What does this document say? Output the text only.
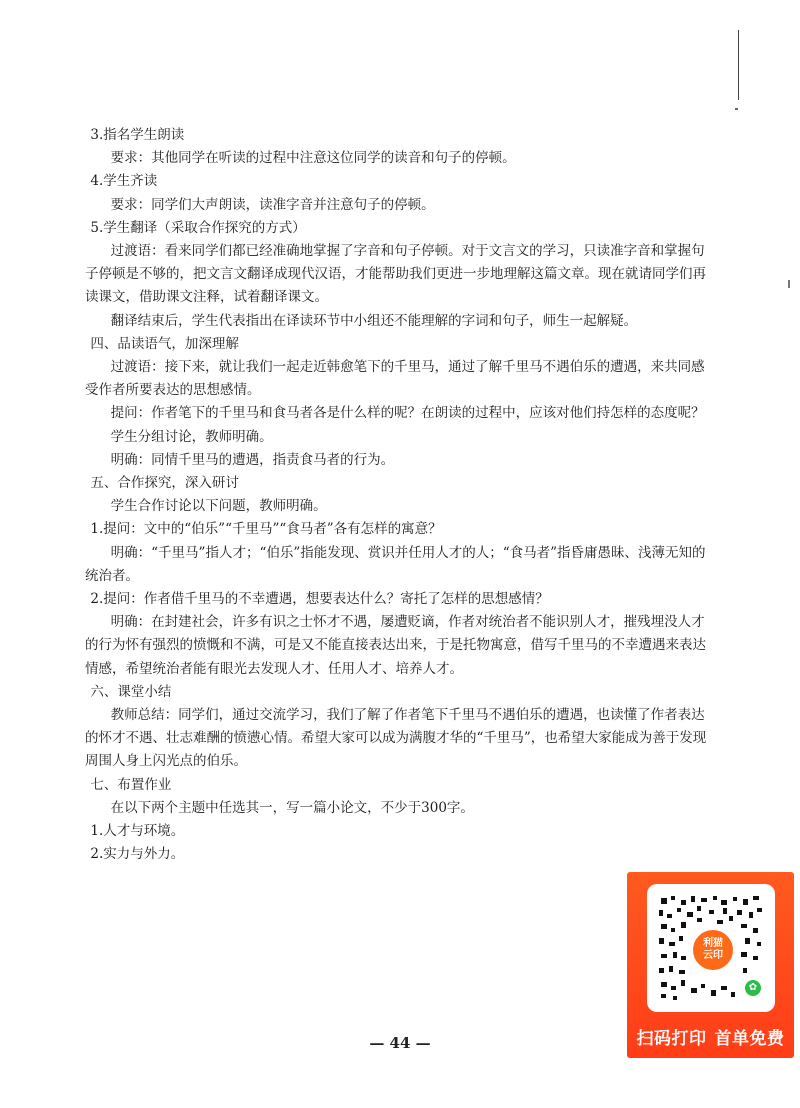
3.指名学生朗读

要求：其他同学在听读的过程中注意这位同学的读音和句子的停顿。

4.学生齐读

要求：同学们大声朗读，读准字音并注意句子的停顿。

5.学生翻译（采取合作探究的方式）

过渡语：看来同学们都已经准确地掌握了字音和句子停顿。对于文言文的学习，只读准字音和掌握句子停顿是不够的，把文言文翻译成现代汉语，才能帮助我们更进一步地理解这篇文章。现在就请同学们再读课文，借助课文注释，试着翻译课文。

翻译结束后，学生代表指出在译读环节中小组还不能理解的字词和句子，师生一起解疑。

四、品读语气，加深理解

过渡语：接下来，就让我们一起走近韩愈笔下的千里马，通过了解千里马不遇伯乐的遭遇，来共同感受作者所要表达的思想感情。

提问：作者笔下的千里马和食马者各是什么样的呢？在朗读的过程中，应该对他们持怎样的态度呢？

学生分组讨论，教师明确。

明确：同情千里马的遭遇，指责食马者的行为。

五、合作探究，深入研讨

学生合作讨论以下问题，教师明确。

1.提问：文中的“伯乐”“千里马”“食马者”各有怎样的寓意？

明确：“千里马”指人才；“伯乐”指能发现、赏识并任用人才的人；“食马者”指昏庸愚昧、浅薄无知的统治者。

2.提问：作者借千里马的不幸遭遇，想要表达什么？寄托了怎样的思想感情？

明确：在封建社会，许多有识之士怀才不遇，屡遭贬谪，作者对统治者不能识别人才，摧残埋没人才的行为怀有强烈的愤慨和不满，可是又不能直接表达出来，于是托物寓意，借写千里马的不幸遭遇来表达情感，希望统治者能有眼光去发现人才、任用人才、培养人才。

六、课堂小结

教师总结：同学们，通过交流学习，我们了解了作者笔下千里马不遇伯乐的遭遇，也读懂了作者表达的怀才不遇、壮志难酬的愤懑心情。希望大家可以成为满腹才华的“千里马”，也希望大家能成为善于发现周围人身上闪光点的伯乐。

七、布置作业

在以下两个主题中任选其一，写一篇小论文，不少于300字。

1.人才与环境。

2.实力与外力。

— 44 —
利猫
云印
✿
扫码打印 首单免费
